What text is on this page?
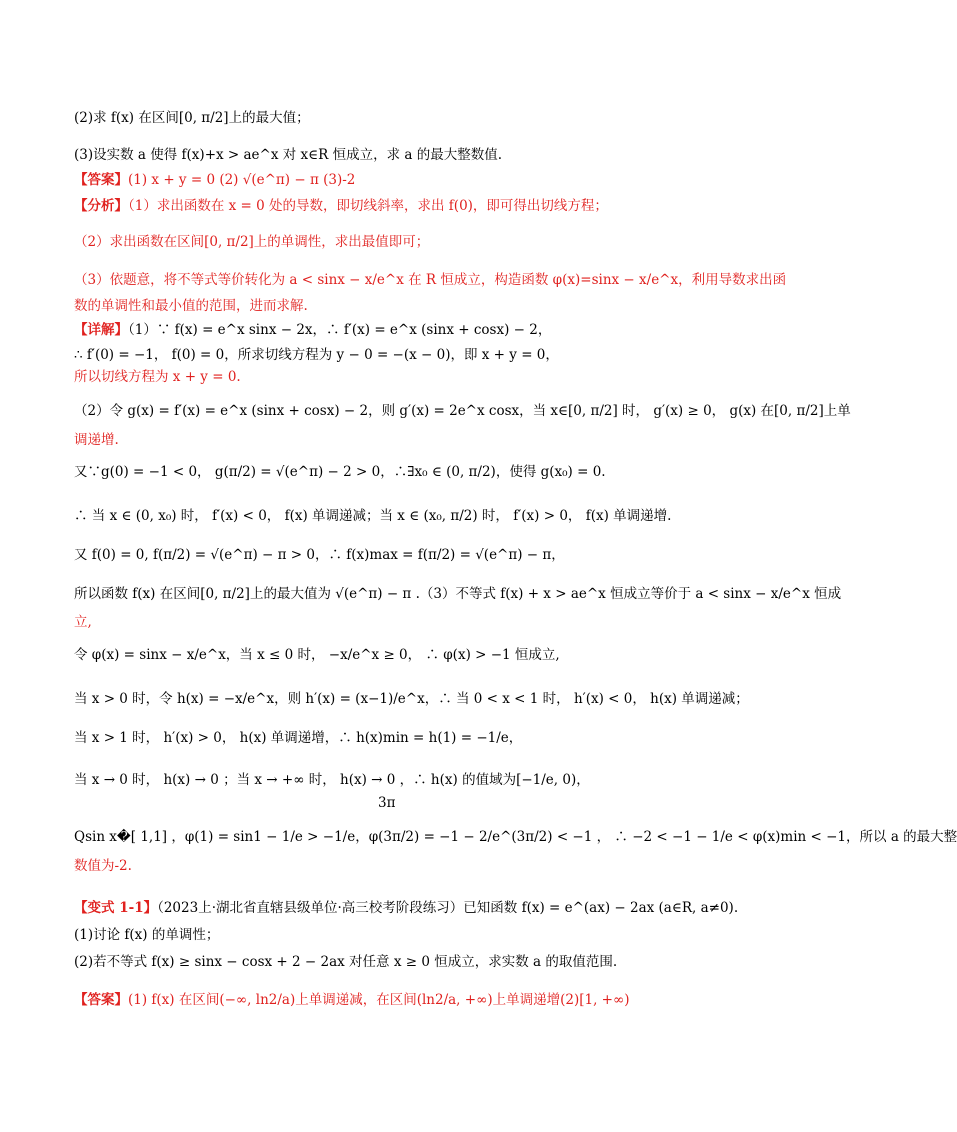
(2)求 f(x) 在区间[0, π/2]上的最大值；
(3)设实数 a 使得 f(x)+x > ae^x 对 x∈R 恒成立，求 a 的最大整数值.
【答案】(1) x + y = 0 (2) √(e^π) − π (3)-2
【分析】（1）求出函数在 x = 0 处的导数，即切线斜率，求出 f(0)，即可得出切线方程；
（2）求出函数在区间[0, π/2]上的单调性，求出最值即可；
（3）依题意，将不等式等价转化为 a < sinx − x/e^x 在 R 恒成立，构造函数 φ(x)=sinx − x/e^x，利用导数求出函
数的单调性和最小值的范围，进而求解.
【详解】（1）∵ f(x) = e^x sinx − 2x，∴ f′(x) = e^x (sinx + cosx) − 2，
∴ f′(0) = −1， f(0) = 0，所求切线方程为 y − 0 = −(x − 0)，即 x + y = 0，
所以切线方程为 x + y = 0.
（2）令 g(x) = f′(x) = e^x (sinx + cosx) − 2，则 g′(x) = 2e^x cosx，当 x∈[0, π/2] 时， g′(x) ≥ 0， g(x) 在[0, π/2]上单
调递增.
又∵g(0) = −1 < 0， g(π/2) = √(e^π) − 2 > 0，∴∃x₀ ∈ (0, π/2)，使得 g(x₀) = 0.
∴ 当 x ∈ (0, x₀) 时， f′(x) < 0， f(x) 单调递减；当 x ∈ (x₀, π/2) 时， f′(x) > 0， f(x) 单调递增.
又 f(0) = 0, f(π/2) = √(e^π) − π > 0，∴ f(x)max = f(π/2) = √(e^π) − π，
所以函数 f(x) 在区间[0, π/2]上的最大值为 √(e^π) − π .（3）不等式 f(x) + x > ae^x 恒成立等价于 a < sinx − x/e^x 恒成
立,
令 φ(x) = sinx − x/e^x，当 x ≤ 0 时， −x/e^x ≥ 0， ∴ φ(x) > −1 恒成立,
当 x > 0 时，令 h(x) = −x/e^x，则 h′(x) = (x−1)/e^x，∴ 当 0 < x < 1 时， h′(x) < 0， h(x) 单调递减；
当 x > 1 时， h′(x) > 0， h(x) 单调递增，∴ h(x)min = h(1) = −1/e，
当 x → 0 时， h(x) → 0 ；当 x → +∞ 时， h(x) → 0 ，∴ h(x) 的值域为[−1/e, 0)，
3π
Qsin x�[ 1,1] ，φ(1) = sin1 − 1/e > −1/e，φ(3π/2) = −1 − 2/e^(3π/2) < −1 ， ∴ −2 < −1 − 1/e < φ(x)min < −1，所以 a 的最大整
数值为-2.
【变式 1-1】（2023上·湖北省直辖县级单位·高三校考阶段练习）已知函数 f(x) = e^(ax) − 2ax (a∈R, a≠0).
(1)讨论 f(x) 的单调性；
(2)若不等式 f(x) ≥ sinx − cosx + 2 − 2ax 对任意 x ≥ 0 恒成立，求实数 a 的取值范围.
【答案】(1) f(x) 在区间(−∞, ln2/a)上单调递减，在区间(ln2/a, +∞)上单调递增(2)[1, +∞)
